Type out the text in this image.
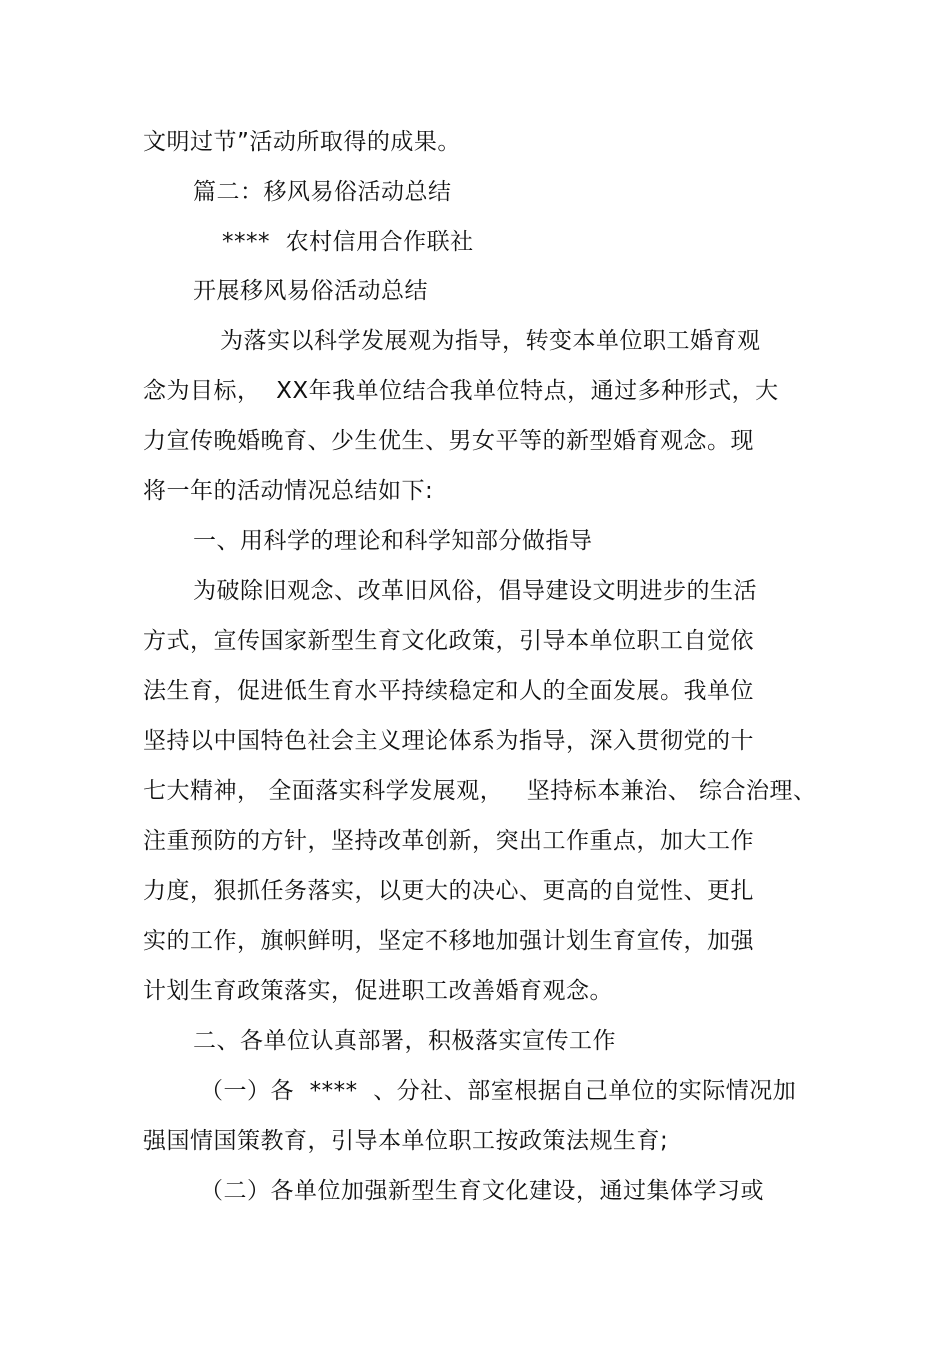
文明过节”活动所取得的成果。
篇二：移风易俗活动总结
****  农村信用合作联社
开展移风易俗活动总结
为落实以科学发展观为指导，转变本单位职工婚育观
念为目标，  XX年我单位结合我单位特点，通过多种形式，大
力宣传晚婚晚育、少生优生、男女平等的新型婚育观念。现
将一年的活动情况总结如下:
一、用科学的理论和科学知部分做指导
为破除旧观念、改革旧风俗，倡导建设文明进步的生活
方式，宣传国家新型生育文化政策，引导本单位职工自觉依
法生育，促进低生育水平持续稳定和人的全面发展。我单位
坚持以中国特色社会主义理论体系为指导，深入贯彻党的十
七大精神， 全面落实科学发展观，   坚持标本兼治、 综合治理、
注重预防的方针，坚持改革创新，突出工作重点，加大工作
力度，狠抓任务落实，以更大的决心、更高的自觉性、更扎
实的工作，旗帜鲜明，坚定不移地加强计划生育宣传，加强
计划生育政策落实，促进职工改善婚育观念。
二、各单位认真部署，积极落实宣传工作
（一）各  ****  、分社、部室根据自己单位的实际情况加
强国情国策教育，引导本单位职工按政策法规生育;
（二）各单位加强新型生育文化建设，通过集体学习或
